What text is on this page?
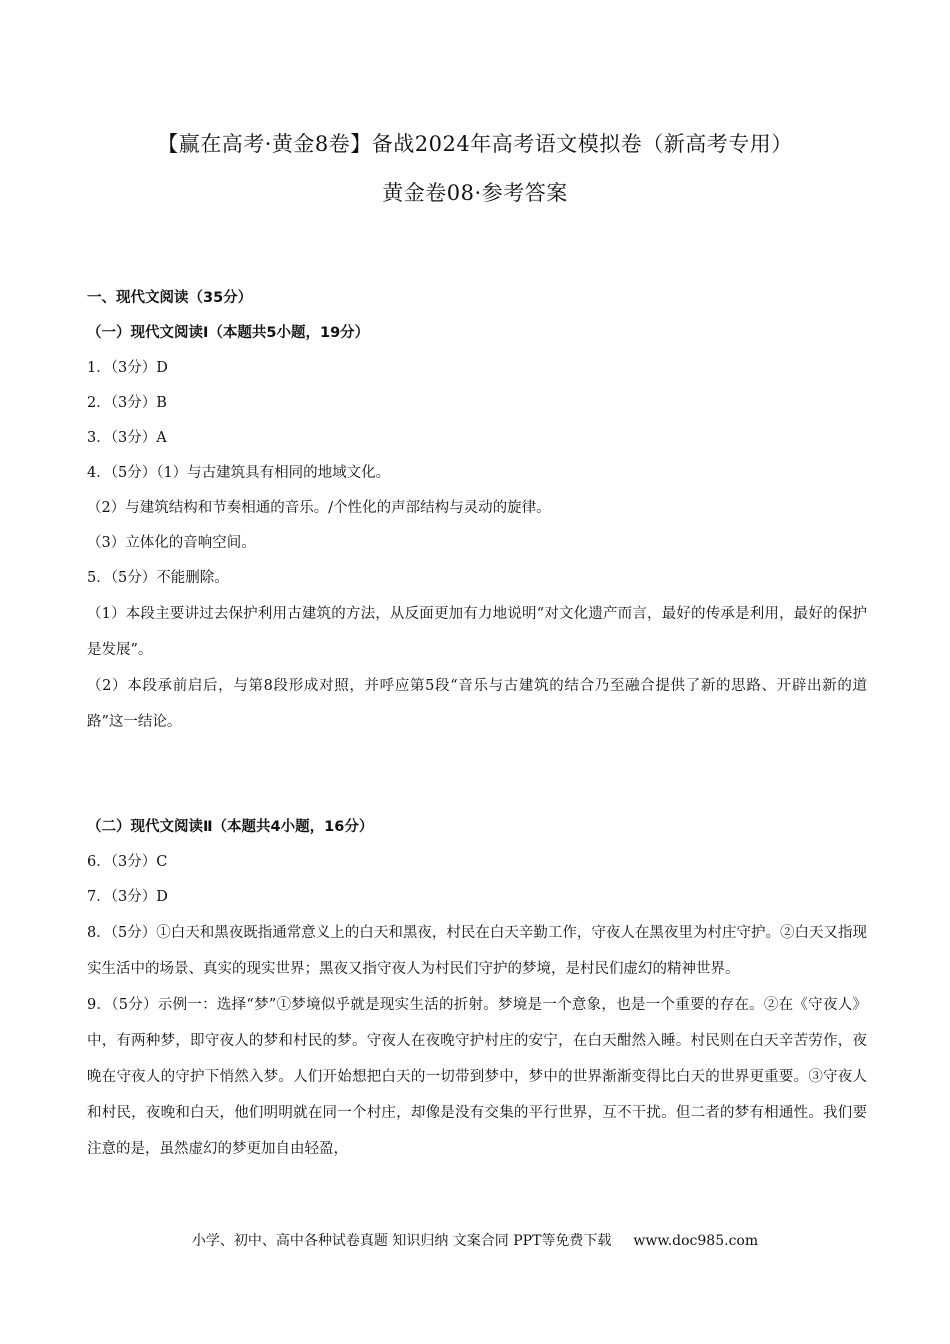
【赢在高考·黄金8卷】备战2024年高考语文模拟卷（新高考专用）
黄金卷08·参考答案
一、现代文阅读（35分）
（一）现代文阅读Ⅰ（本题共5小题，19分）
1．（3分）D
2．（3分）B
3．（3分）A
4．（5分）（1）与古建筑具有相同的地域文化。
（2）与建筑结构和节奏相通的音乐。/个性化的声部结构与灵动的旋律。
（3）立体化的音响空间。
5．（5分）不能删除。
（1）本段主要讲过去保护利用古建筑的方法，从反面更加有力地说明“对文化遗产而言，最好的传承是利用，最好的保护是发展”。
（2）本段承前启后，与第8段形成对照，并呼应第5段“音乐与古建筑的结合乃至融合提供了新的思路、开辟出新的道路”这一结论。
（二）现代文阅读Ⅱ（本题共4小题，16分）
6．（3分）C
7．（3分）D
8．（5分）①白天和黑夜既指通常意义上的白天和黑夜，村民在白天辛勤工作，守夜人在黑夜里为村庄守护。②白天又指现实生活中的场景、真实的现实世界；黑夜又指守夜人为村民们守护的梦境，是村民们虚幻的精神世界。
9．（5分）示例一：选择“梦”①梦境似乎就是现实生活的折射。梦境是一个意象，也是一个重要的存在。②在《守夜人》中，有两种梦，即守夜人的梦和村民的梦。守夜人在夜晚守护村庄的安宁，在白天酣然入睡。村民则在白天辛苦劳作，夜晚在守夜人的守护下悄然入梦。人们开始想把白天的一切带到梦中，梦中的世界渐渐变得比白天的世界更重要。③守夜人和村民，夜晚和白天，他们明明就在同一个村庄，却像是没有交集的平行世界，互不干扰。但二者的梦有相通性。我们要注意的是，虽然虚幻的梦更加自由轻盈，
小学、初中、高中各种试卷真题 知识归纳 文案合同 PPT等免费下载 www.doc985.com
